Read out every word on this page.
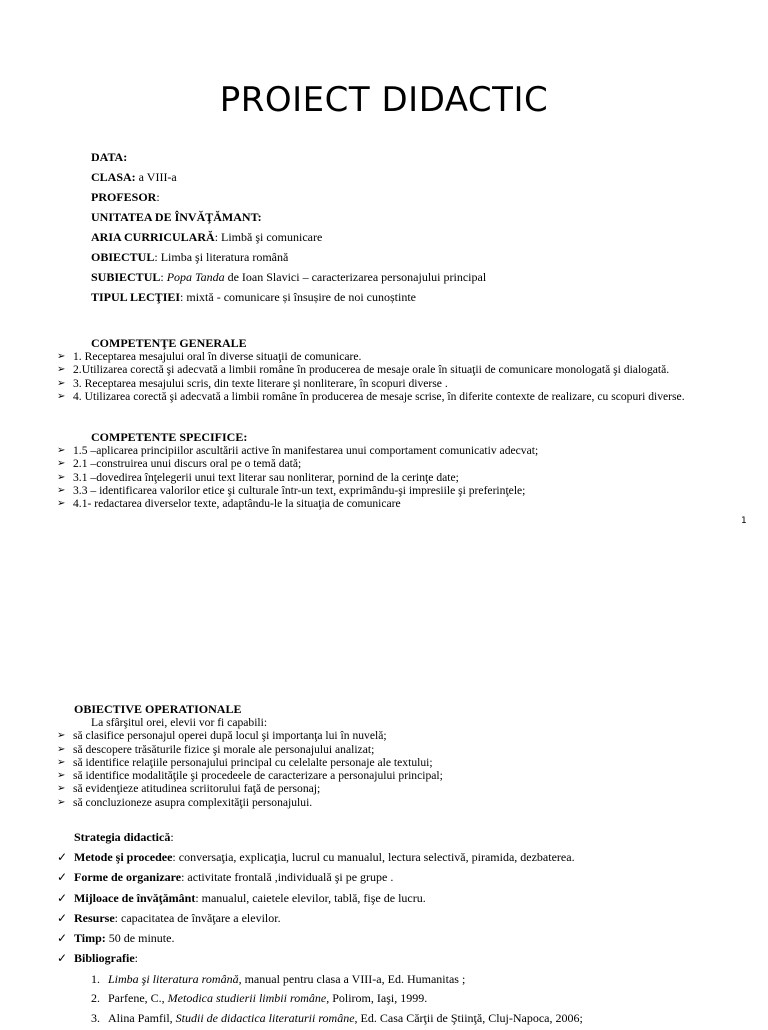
PROIECT DIDACTIC
DATA:
CLASA: a VIII-a
PROFESOR:
UNITATEA DE ÎNVĂŢĂMANT:
ARIA CURRICULARĂ: Limbă şi comunicare
OBIECTUL: Limba şi literatura română
SUBIECTUL: Popa Tanda de Ioan Slavici – caracterizarea personajului principal
TIPUL LECŢIEI: mixtă - comunicare și însușire de noi cunoștinte
COMPETENŢE GENERALE
➢ 1. Receptarea mesajului oral în diverse situaţii de comunicare.
➢ 2.Utilizarea corectă şi adecvată a limbii române în producerea de mesaje orale în situaţii de comunicare monologată şi dialogată.
➢ 3. Receptarea mesajului scris, din texte literare şi nonliterare, în scopuri diverse .
➢ 4. Utilizarea corectă şi adecvată a limbii române în producerea de mesaje scrise, în diferite contexte de realizare, cu scopuri diverse.
COMPETENTE SPECIFICE:
➢ 1.5 –aplicarea principiilor ascultării active în manifestarea unui comportament comunicativ adecvat;
➢ 2.1 –construirea unui discurs oral pe o temă dată;
➢ 3.1 –dovedirea înţelegerii unui text literar sau nonliterar, pornind de la cerinţe date;
➢ 3.3 – identificarea valorilor etice şi culturale într-un text, exprimându-şi impresiile şi preferinţele;
➢ 4.1- redactarea diverselor texte, adaptându-le la situaţia de comunicare
1
OBIECTIVE OPERATIONALE
La sfârşitul orei, elevii vor fi capabili:
➢ să clasifice personajul operei după locul şi importanţa lui în nuvelă;
➢ să descopere trăsăturile fizice şi morale ale personajului analizat;
➢ să identifice relaţiile personajului principal cu celelalte personaje ale textului;
➢ să identifice modalităţile şi procedeele de caracterizare a personajului principal;
➢ să evidenţieze atitudinea scriitorului faţă de personaj;
➢ să concluzioneze asupra complexităţii personajului.
Strategia didactică:
✓ Metode şi procedee: conversaţia, explicaţia, lucrul cu manualul, lectura selectivă, piramida, dezbaterea.
✓ Forme de organizare: activitate frontală ,individuală şi pe grupe .
✓ Mijloace de învăţământ: manualul, caietele elevilor, tablă, fişe de lucru.
✓ Resurse: capacitatea de învăţare a elevilor.
✓ Timp: 50 de minute.
✓ Bibliografie:
1. Limba şi literatura română, manual pentru clasa a VIII-a, Ed. Humanitas ;
2. Parfene, C., Metodica studierii limbii române, Polirom, Iaşi, 1999.
3. Alina Pamfil, Studii de didactica literaturii române, Ed. Casa Cărţii de Ştiinţă, Cluj-Napoca, 2006;
